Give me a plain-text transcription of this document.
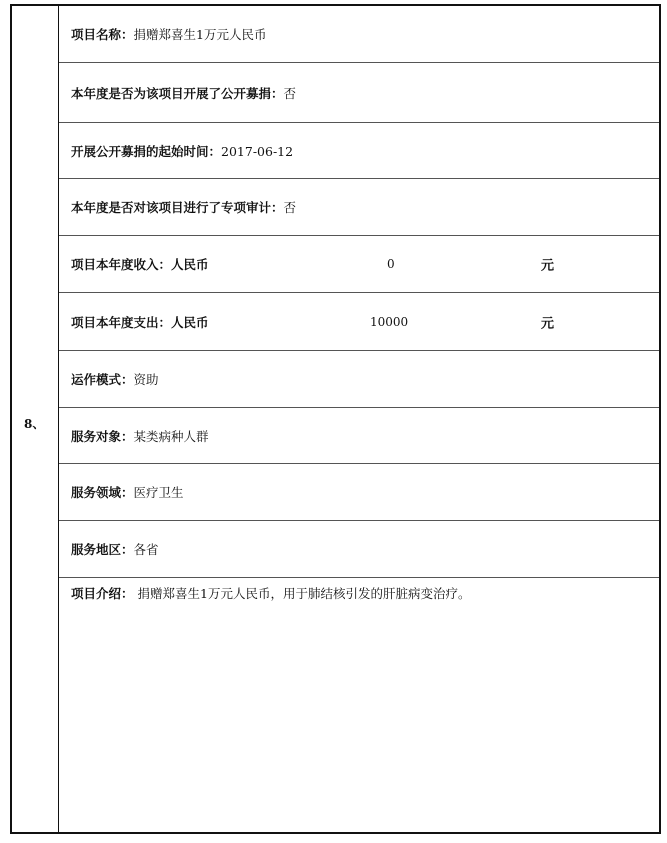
8、
项目名称：捐赠郑喜生1万元人民币
本年度是否为该项目开展了公开募捐：否
开展公开募捐的起始时间：2017-06-12
本年度是否对该项目进行了专项审计：否
项目本年度收入：人民币	0	元
项目本年度支出：人民币	10000	元
运作模式：资助
服务对象：某类病种人群
服务领域：医疗卫生
服务地区：各省
项目介绍： 捐赠郑喜生1万元人民币，用于肺结核引发的肝脏病变治疗。
